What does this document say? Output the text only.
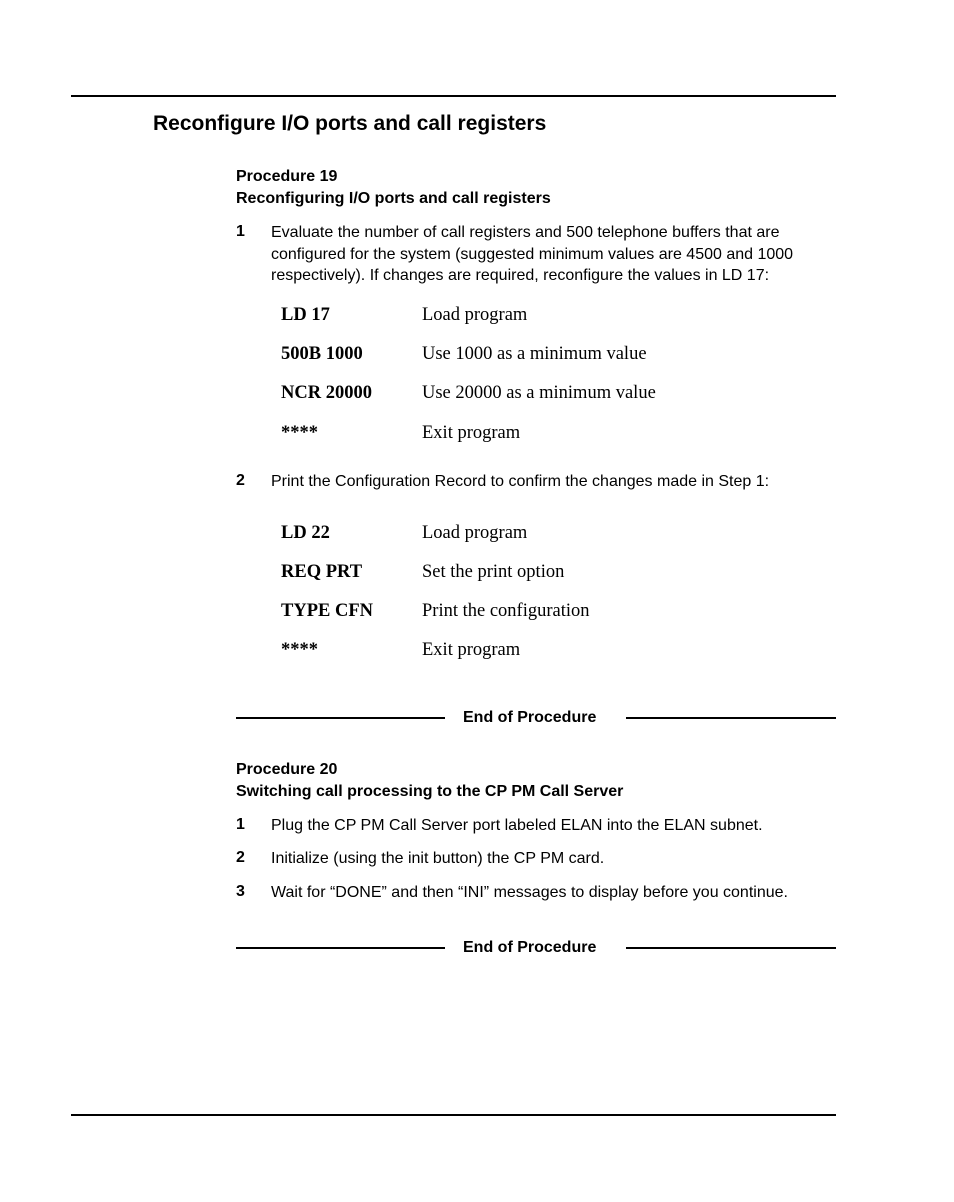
Reconfigure I/O ports and call registers
Procedure 19
Reconfiguring I/O ports and call registers
1 Evaluate the number of call registers and 500 telephone buffers that are
configured for the system (suggested minimum values are 4500 and 1000
respectively). If changes are required, reconfigure the values in LD 17:
LD 17	Load program
500B 1000	Use 1000 as a minimum value
NCR 20000	Use 20000 as a minimum value
****	Exit program
2 Print the Configuration Record to confirm the changes made in Step 1:
LD 22	Load program
REQ PRT	Set the print option
TYPE CFN	Print the configuration
****	Exit program
End of Procedure
Procedure 20
Switching call processing to the CP PM Call Server
1 Plug the CP PM Call Server port labeled ELAN into the ELAN subnet.
2 Initialize (using the init button) the CP PM card.
3 Wait for “DONE” and then “INI” messages to display before you continue.
End of Procedure
